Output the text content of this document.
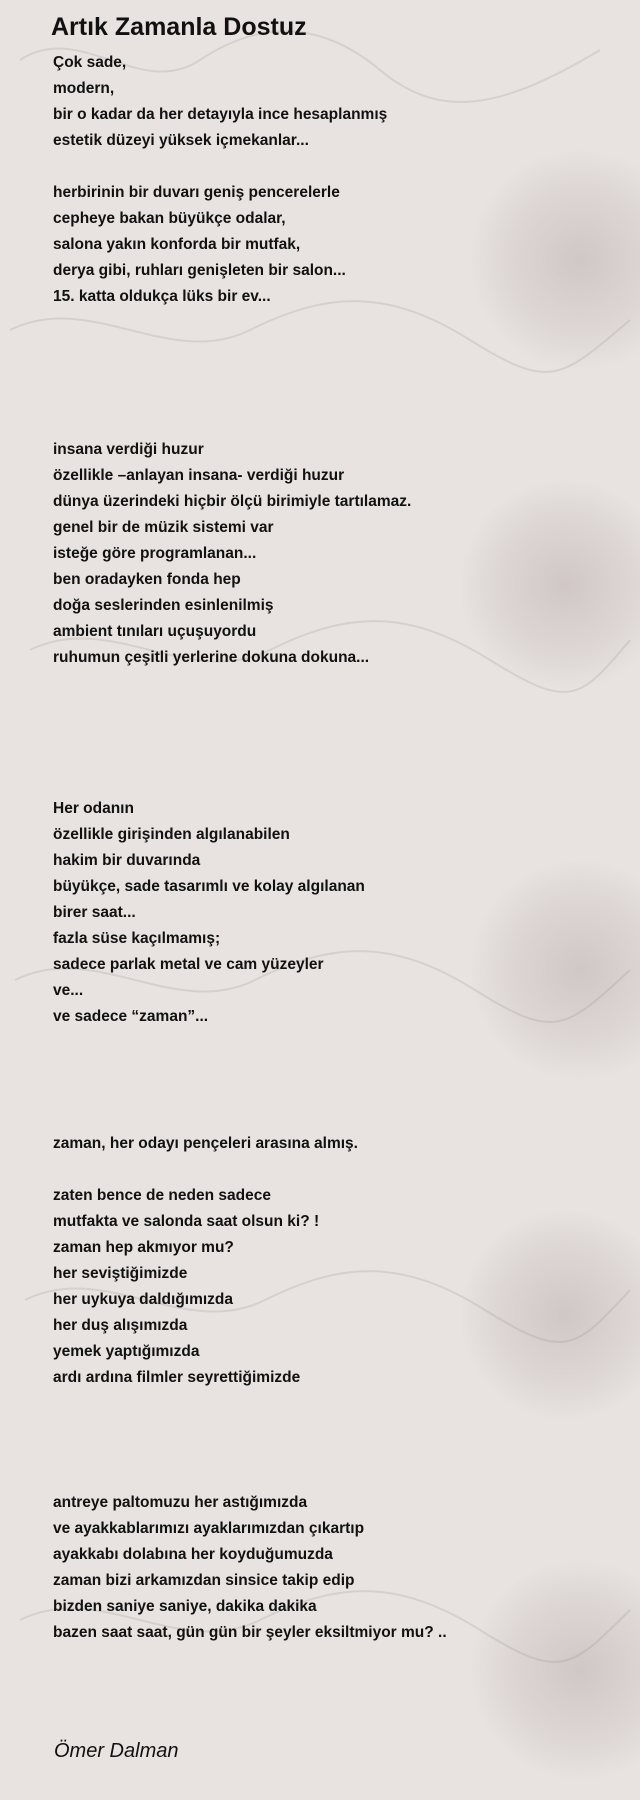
Artık Zamanla Dostuz
Çok sade,
modern,
bir o kadar da her detayıyla ince hesaplanmış
estetik düzeyi yüksek içmekanlar...
herbirinin bir duvarı geniş pencerelerle
cepheye bakan büyükçe odalar,
salona yakın konforda bir mutfak,
derya gibi, ruhları genişleten bir salon...
15. katta oldukça lüks bir ev...
insana verdiği huzur
özellikle –anlayan insana- verdiği huzur
dünya üzerindeki hiçbir ölçü birimiyle tartılamaz.
genel bir de müzik sistemi var
isteğe göre programlanan...
ben oradayken fonda hep
doğa seslerinden esinlenilmiş
ambient tınıları uçuşuyordu
ruhumun çeşitli yerlerine dokuna dokuna...
Her odanın
özellikle girişinden algılanabilen
hakim bir duvarında
büyükçe, sade tasarımlı ve kolay algılanan
birer saat...
fazla süse kaçılmamış;
sadece parlak metal ve cam yüzeyler
ve...
ve sadece “zaman”...
zaman, her odayı pençeleri arasına almış.
zaten bence de neden sadece
mutfakta ve salonda saat olsun ki? !
zaman hep akmıyor mu?
her seviştiğimizde
her uykuya daldığımızda
her duş alışımızda
yemek yaptığımızda
ardı ardına filmler seyrettiğimizde
antreye paltomuzu her astığımızda
ve ayakkablarımızı ayaklarımızdan çıkartıp
ayakkabı dolabına her koyduğumuzda
zaman bizi arkamızdan sinsice takip edip
bizden saniye saniye, dakika dakika
bazen saat saat, gün gün bir şeyler eksiltmiyor mu? ..
Ömer Dalman
